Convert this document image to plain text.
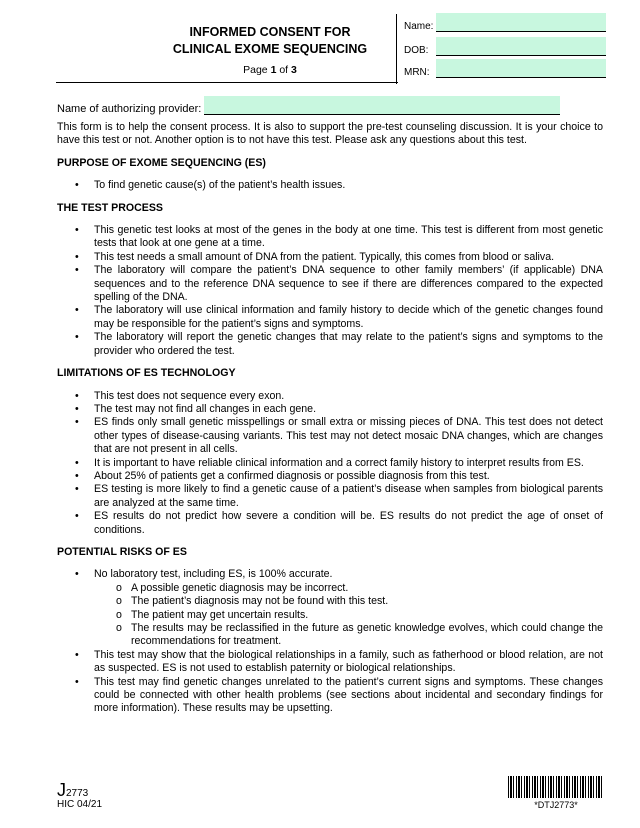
INFORMED CONSENT FOR
CLINICAL EXOME SEQUENCING
Page 1 of 3
Name:
DOB:
MRN:
Name of authorizing provider:

This form is to help the consent process. It is also to support the pre-test counseling discussion. It is your choice to have this test or not. Another option is to not have this test. Please ask any questions about this test.

PURPOSE OF EXOME SEQUENCING (ES)
• To find genetic cause(s) of the patient’s health issues.
THE TEST PROCESS
• This genetic test looks at most of the genes in the body at one time. This test is different from most genetic tests that look at one gene at a time.
• This test needs a small amount of DNA from the patient. Typically, this comes from blood or saliva.
• The laboratory will compare the patient’s DNA sequence to other family members’ (if applicable) DNA sequences and to the reference DNA sequence to see if there are differences compared to the expected spelling of the DNA.
• The laboratory will use clinical information and family history to decide which of the genetic changes found may be responsible for the patient’s signs and symptoms.
• The laboratory will report the genetic changes that may relate to the patient’s signs and symptoms to the provider who ordered the test.
LIMITATIONS OF ES TECHNOLOGY
• This test does not sequence every exon.
• The test may not find all changes in each gene.
• ES finds only small genetic misspellings or small extra or missing pieces of DNA. This test does not detect other types of disease-causing variants. This test may not detect mosaic DNA changes, which are changes that are not present in all cells.
• It is important to have reliable clinical information and a correct family history to interpret results from ES.
• About 25% of patients get a confirmed diagnosis or possible diagnosis from this test.
• ES testing is more likely to find a genetic cause of a patient’s disease when samples from biological parents are analyzed at the same time.
• ES results do not predict how severe a condition will be. ES results do not predict the age of onset of conditions.
POTENTIAL RISKS OF ES
• No laboratory test, including ES, is 100% accurate.
o A possible genetic diagnosis may be incorrect.
o The patient’s diagnosis may not be found with this test.
o The patient may get uncertain results.
o The results may be reclassified in the future as genetic knowledge evolves, which could change the recommendations for treatment.
• This test may show that the biological relationships in a family, such as fatherhood or blood relation, are not as suspected. ES is not used to establish paternity or biological relationships.
• This test may find genetic changes unrelated to the patient’s current signs and symptoms. These changes could be connected with other health problems (see sections about incidental and secondary findings for more information). These results may be upsetting.
J2773
HIC 04/21	*DTJ2773*
